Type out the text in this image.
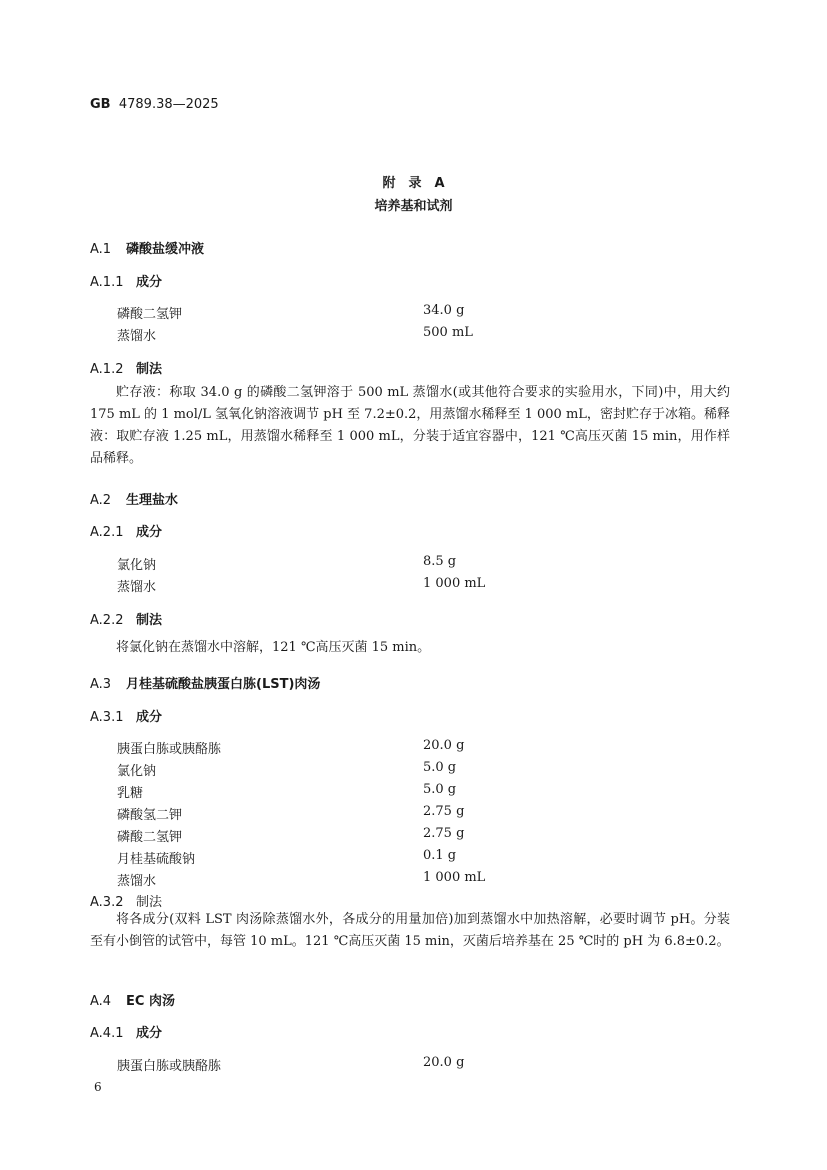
GB 4789.38—2025
附　录　A
培养基和试剂
A.1 磷酸盐缓冲液
A.1.1 成分
磷酸二氢钾	34.0 g
蒸馏水	500 mL
A.1.2 制法
贮存液：称取 34.0 g 的磷酸二氢钾溶于 500 mL 蒸馏水(或其他符合要求的实验用水，下同)中，用大约 175 mL 的 1 mol/L 氢氧化钠溶液调节 pH 至 7.2±0.2，用蒸馏水稀释至 1 000 mL，密封贮存于冰箱。稀释液：取贮存液 1.25 mL，用蒸馏水稀释至 1 000 mL，分装于适宜容器中，121 ℃高压灭菌 15 min，用作样品稀释。
A.2 生理盐水
A.2.1 成分
氯化钠	8.5 g
蒸馏水	1 000 mL
A.2.2 制法
将氯化钠在蒸馏水中溶解，121 ℃高压灭菌 15 min。
A.3 月桂基硫酸盐胰蛋白胨(LST)肉汤
A.3.1 成分
胰蛋白胨或胰酪胨	20.0 g
氯化钠	5.0 g
乳糖	5.0 g
磷酸氢二钾	2.75 g
磷酸二氢钾	2.75 g
月桂基硫酸钠	0.1 g
蒸馏水	1 000 mL
A.3.2 制法
将各成分(双料 LST 肉汤除蒸馏水外，各成分的用量加倍)加到蒸馏水中加热溶解，必要时调节 pH。分装至有小倒管的试管中，每管 10 mL。121 ℃高压灭菌 15 min，灭菌后培养基在 25 ℃时的 pH 为 6.8±0.2。
A.4 EC 肉汤
A.4.1 成分
胰蛋白胨或胰酪胨	20.0 g
6
